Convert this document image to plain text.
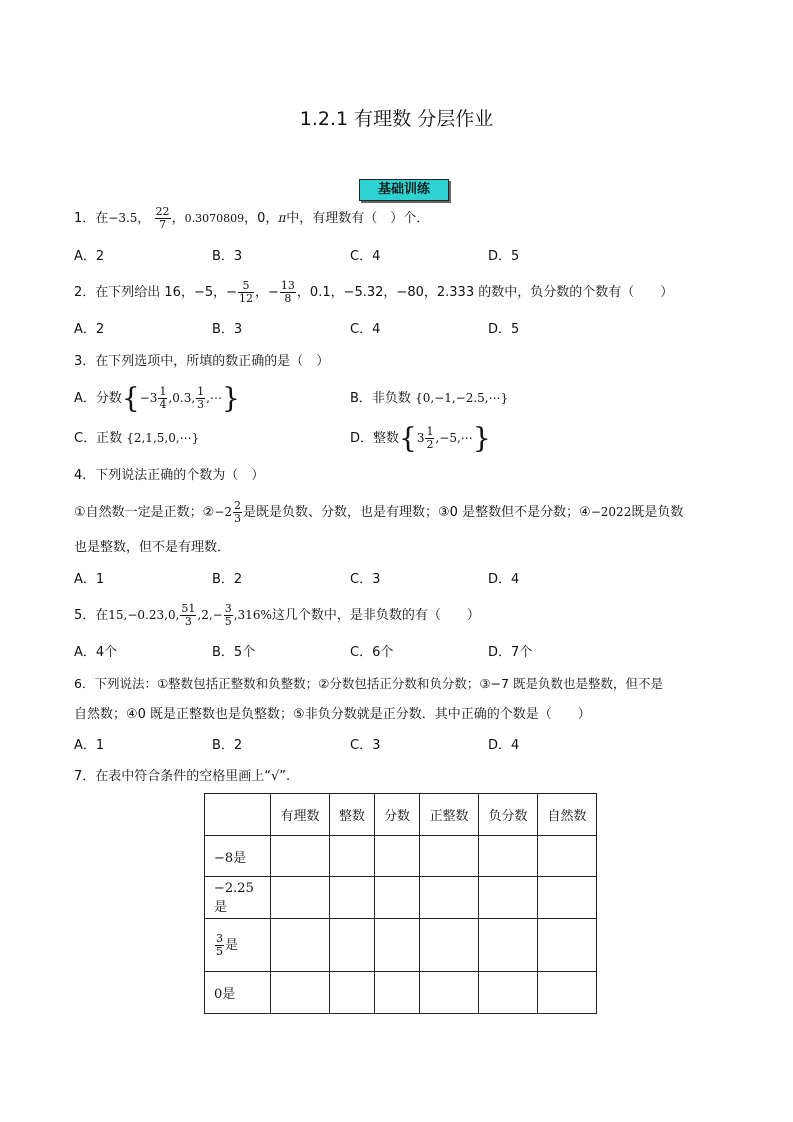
1.2.1 有理数 分层作业
基础训练
1．在−3.5， $\frac{22}{7}$ ，0.3070809，0，π中，有理数有（　）个．
A．2	B．3	C．4	D．5
2．在下列给出 16，−5，− $\frac{5}{12}$ ，− $\frac{13}{8}$ ，0.1，−5.32，−80，2.333 的数中，负分数的个数有（　　）
A．2	B．3	C．4	D．5
3．在下列选项中，所填的数正确的是（　）
A．分数{$-3 \frac{1}{4} ,0.3$, $\frac{1}{3}$ ,⋯}	B．非负数 {0,−1,−2.5,⋯}
C．正数 {2,1,5,0,⋯}	D．整数{$3 \frac{1}{2}$ ,−5,⋯}
4．下列说法正确的个数为（　）
①自然数一定是正数；②−2 $\frac{2}{3}$ 是既是负数、分数，也是有理数；③0 是整数但不是分数；④−2022既是负数
也是整数，但不是有理数．
A．1	B．2	C．3	D．4
5．在15,−0.23,0, $\frac{51}{3} ,2,- \frac{3}{5} ,316\%$这几个数中，是非负数的有（　　）
A．4个	B．5个	C．6个	D．7个
6．下列说法：①整数包括正整数和负整数；②分数包括正分数和负分数；③−7 既是负数也是整数，但不是
自然数；④0 既是正整数也是负整数；⑤非负分数就是正分数．其中正确的个数是（　　）
A．1	B．2	C．3	D．4
7．在表中符合条件的空格里画上“√”.
	有理数	整数	分数	正整数	负分数	自然数
−8是						
−2.25是						

$\frac{3}{5}$ 是						
0是						
